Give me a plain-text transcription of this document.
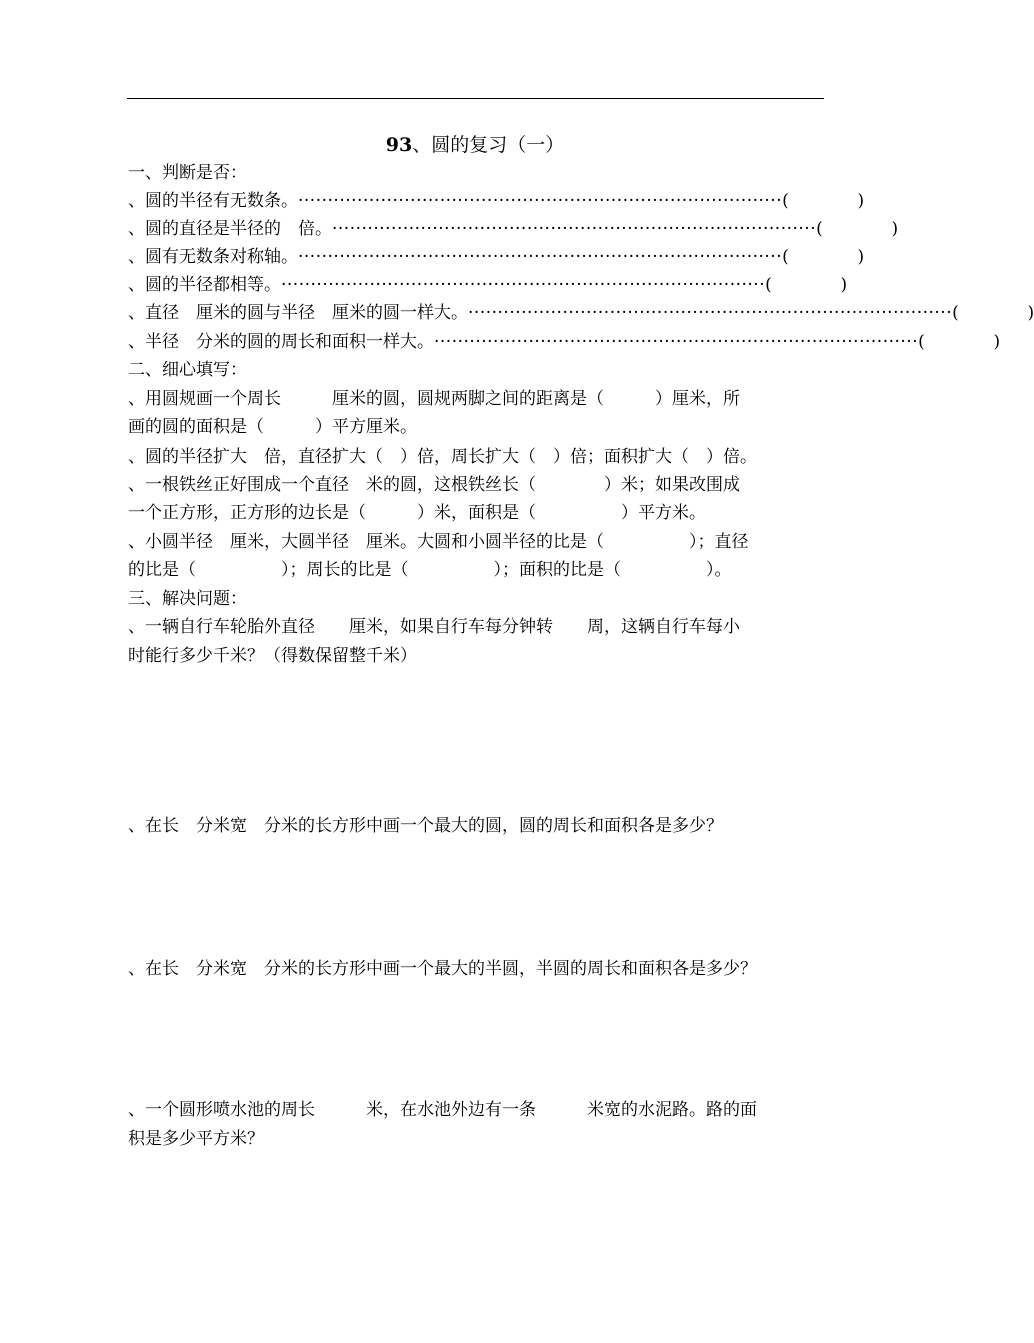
93、圆的复习（一）
一、判断是否：
、圆的半径有无数条。 ·················································································· (	)
、圆的直径是半径的　倍。 ·················································································· (	)
、圆有无数条对称轴。 ·················································································· (	)
、圆的半径都相等。 ·················································································· (	)
、直径　厘米的圆与半径　厘米的圆一样大。 ·················································································· (	)
、半径　分米的圆的周长和面积一样大。 ·················································································· (	)
二、细心填写：
、用圆规画一个周长　　　厘米的圆，圆规两脚之间的距离是（　　　）厘米，所
画的圆的面积是（　　　）平方厘米。
、圆的半径扩大　倍，直径扩大（　）倍，周长扩大（　）倍；面积扩大（　）倍。
、一根铁丝正好围成一个直径　米的圆，这根铁丝长（　　　　）米；如果改围成
一个正方形，正方形的边长是（　　　）米，面积是（　　　　　）平方米。
、小圆半径　厘米，大圆半径　厘米。大圆和小圆半径的比是（　　　　　）；直径
的比是（　　　　　）；周长的比是（　　　　　）；面积的比是（　　　　　）。
三、解决问题：
、一辆自行车轮胎外直径　　厘米，如果自行车每分钟转　　周，这辆自行车每小
时能行多少千米？（得数保留整千米）
、在长　分米宽　分米的长方形中画一个最大的圆，圆的周长和面积各是多少？
、在长　分米宽　分米的长方形中画一个最大的半圆，半圆的周长和面积各是多少？
、一个圆形喷水池的周长　　　米，在水池外边有一条　　　米宽的水泥路。路的面
积是多少平方米？
